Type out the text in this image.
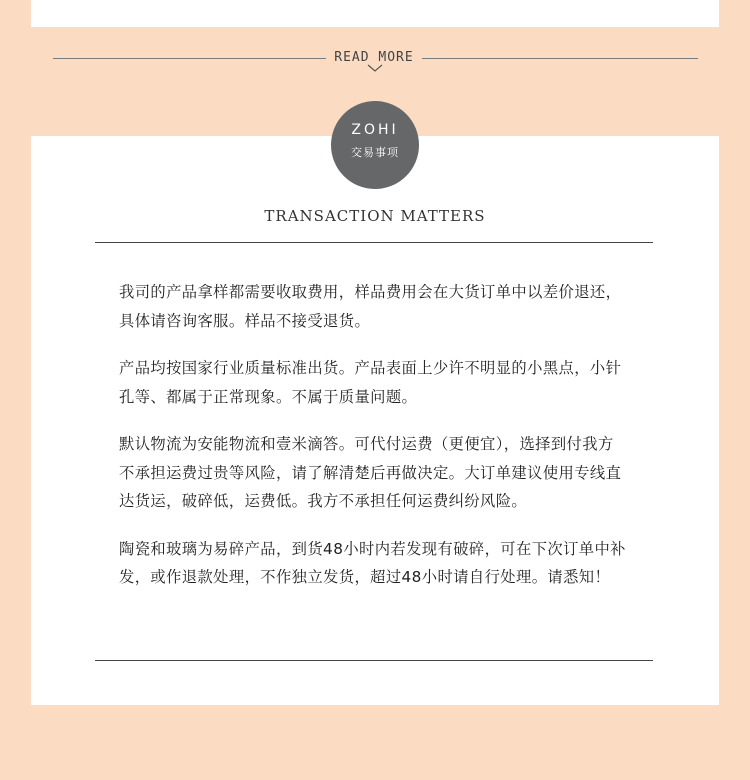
READ MORE
ZOHI
交易事项
TRANSACTION MATTERS

我司的产品拿样都需要收取费用，样品费用会在大货订单中以差价退还，具体请咨询客服。样品不接受退货。

产品均按国家行业质量标准出货。产品表面上少许不明显的小黑点，小针孔等、都属于正常现象。不属于质量问题。

默认物流为安能物流和壹米滴答。可代付运费（更便宜），选择到付我方不承担运费过贵等风险，请了解清楚后再做决定。大订单建议使用专线直达货运，破碎低，运费低。我方不承担任何运费纠纷风险。

陶瓷和玻璃为易碎产品，到货48小时内若发现有破碎，可在下次订单中补发，或作退款处理，不作独立发货，超过48小时请自行处理。请悉知！
